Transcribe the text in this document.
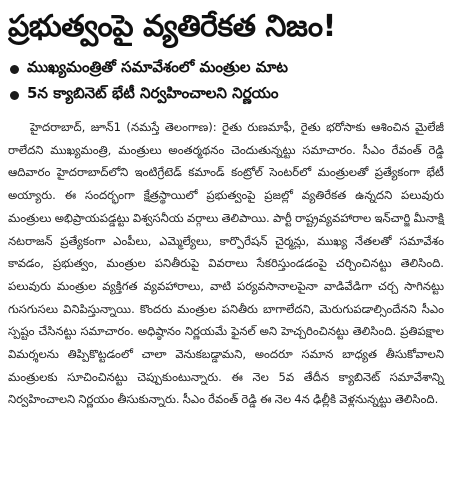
ప్రభుత్వంపై వ్యతిరేకత నిజం!
ముఖ్యమంత్రితో సమావేశంలో మంత్రుల మాట
5న క్యాబినెట్ భేటీ నిర్వహించాలని నిర్ణయం

హైదరాబాద్, జూన్1 (నమస్తే తెలంగాణ): రైతు రుణమాఫీ, రైతు భరోసాకు ఆశించిన మైలేజీ రాలేదని ముఖ్యమంత్రి, మంత్రులు అంతర్మథనం చెందుతున్నట్టు సమాచారం. సీఎం రేవంత్ రెడ్డి ఆదివారం హైదరాబాద్‌లోని ఇంటిగ్రేటెడ్ కమాండ్ కంట్రోల్ సెంటర్‌లో మంత్రులతో ప్రత్యేకంగా భేటీ అయ్యారు. ఈ సందర్భంగా క్షేత్రస్థాయిలో ప్రభుత్వంపై ప్రజల్లో వ్యతిరేకత ఉన్నదని పలువురు మంత్రులు అభిప్రాయపడ్డట్టు విశ్వసనీయ వర్గాలు తెలిపాయి. పార్టీ రాష్ట్రవ్యవహారాల ఇన్‌చార్జి మీనాక్షి నటరాజన్ ప్రత్యేకంగా ఎంపీలు, ఎమ్మెల్యేలు, కార్పొరేషన్ చైర్మన్లు, ముఖ్య నేతలతో సమావేశం కావడం, ప్రభుత్వం, మంత్రుల పనితీరుపై వివరాలు సేకరిస్తుండడంపై చర్చించినట్టు తెలిసింది. పలువురు మంత్రుల వ్యక్తిగత వ్యవహారాలు, వాటి పర్యవసానాలపైనా వాడివేడిగా చర్చ సాగినట్టు గుసగుసలు వినిపిస్తున్నాయి. కొందరు మంత్రుల పనితీరు బాగాలేదని, మెరుగుపడాల్సిందేనని సీఎం స్పష్టం చేసినట్టు సమాచారం. అధిష్ఠానం నిర్ణయమే ఫైనల్ అని హెచ్చరించినట్టు తెలిసింది. ప్రతిపక్షాల విమర్శలను తిప్పికొట్టడంలో చాలా వెనుకబడ్డామని, అందరూ సమాన బాధ్యత తీసుకోవాలని మంత్రులకు సూచించినట్టు చెప్పుకుంటున్నారు. ఈ నెల 5వ తేదీన క్యాబినెట్ సమావేశాన్ని నిర్వహించాలని నిర్ణయం తీసుకున్నారు. సీఎం రేవంత్ రెడ్డి ఈ నెల 4న ఢిల్లీకి వెళ్లనున్నట్టు తెలిసింది.
